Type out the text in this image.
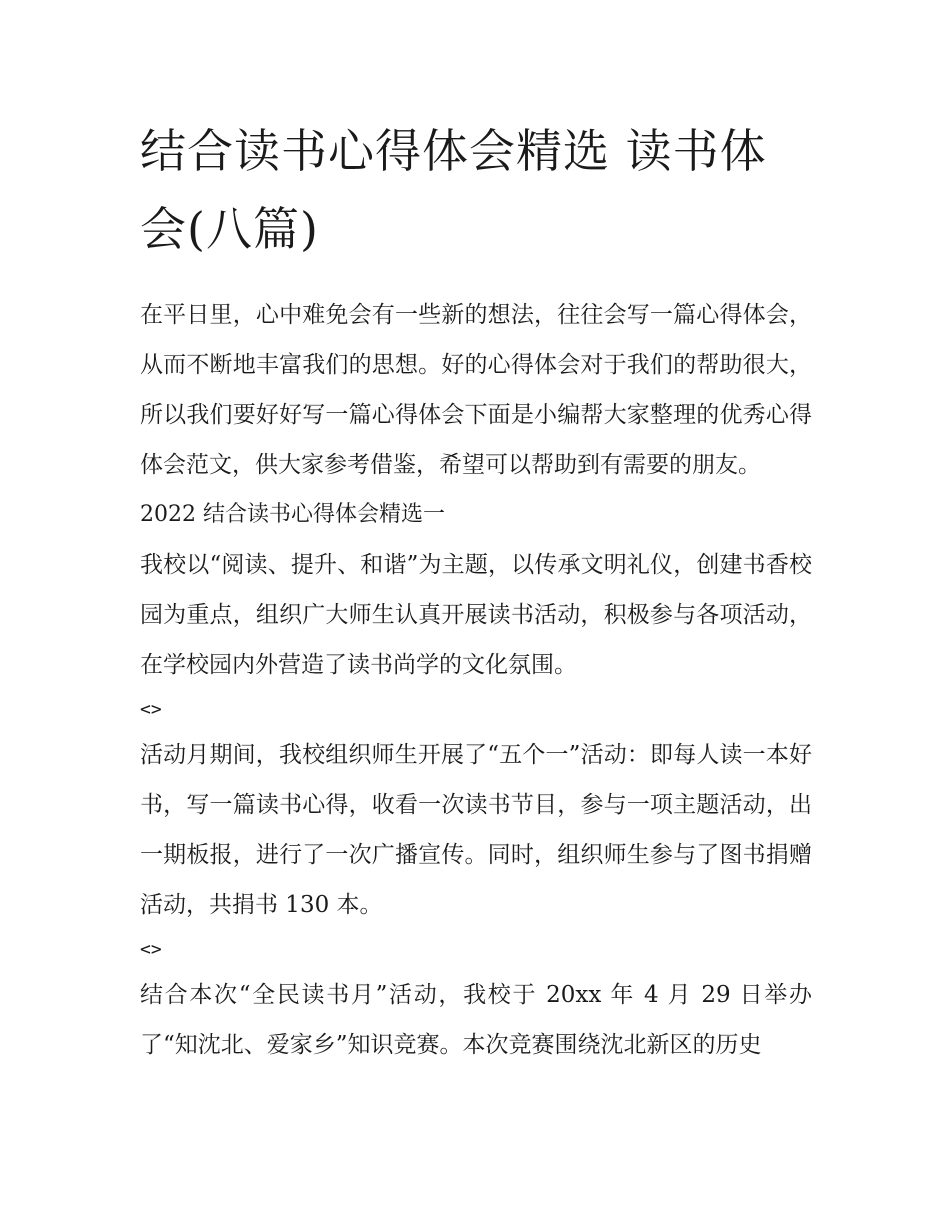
结合读书心得体会精选 读书体会(八篇)

在平日里，心中难免会有一些新的想法，往往会写一篇心得体会，从而不断地丰富我们的思想。好的心得体会对于我们的帮助很大，所以我们要好好写一篇心得体会下面是小编帮大家整理的优秀心得体会范文，供大家参考借鉴，希望可以帮助到有需要的朋友。

2022 结合读书心得体会精选一

我校以“阅读、提升、和谐”为主题，以传承文明礼仪，创建书香校园为重点，组织广大师生认真开展读书活动，积极参与各项活动，在学校园内外营造了读书尚学的文化氛围。

<>

活动月期间，我校组织师生开展了“五个一”活动：即每人读一本好书，写一篇读书心得，收看一次读书节目，参与一项主题活动，出一期板报，进行了一次广播宣传。同时，组织师生参与了图书捐赠活动，共捐书 130 本。

<>

结合本次“全民读书月”活动，我校于 20xx 年 4 月 29 日举办了“知沈北、爱家乡”知识竞赛。本次竞赛围绕沈北新区的历史
